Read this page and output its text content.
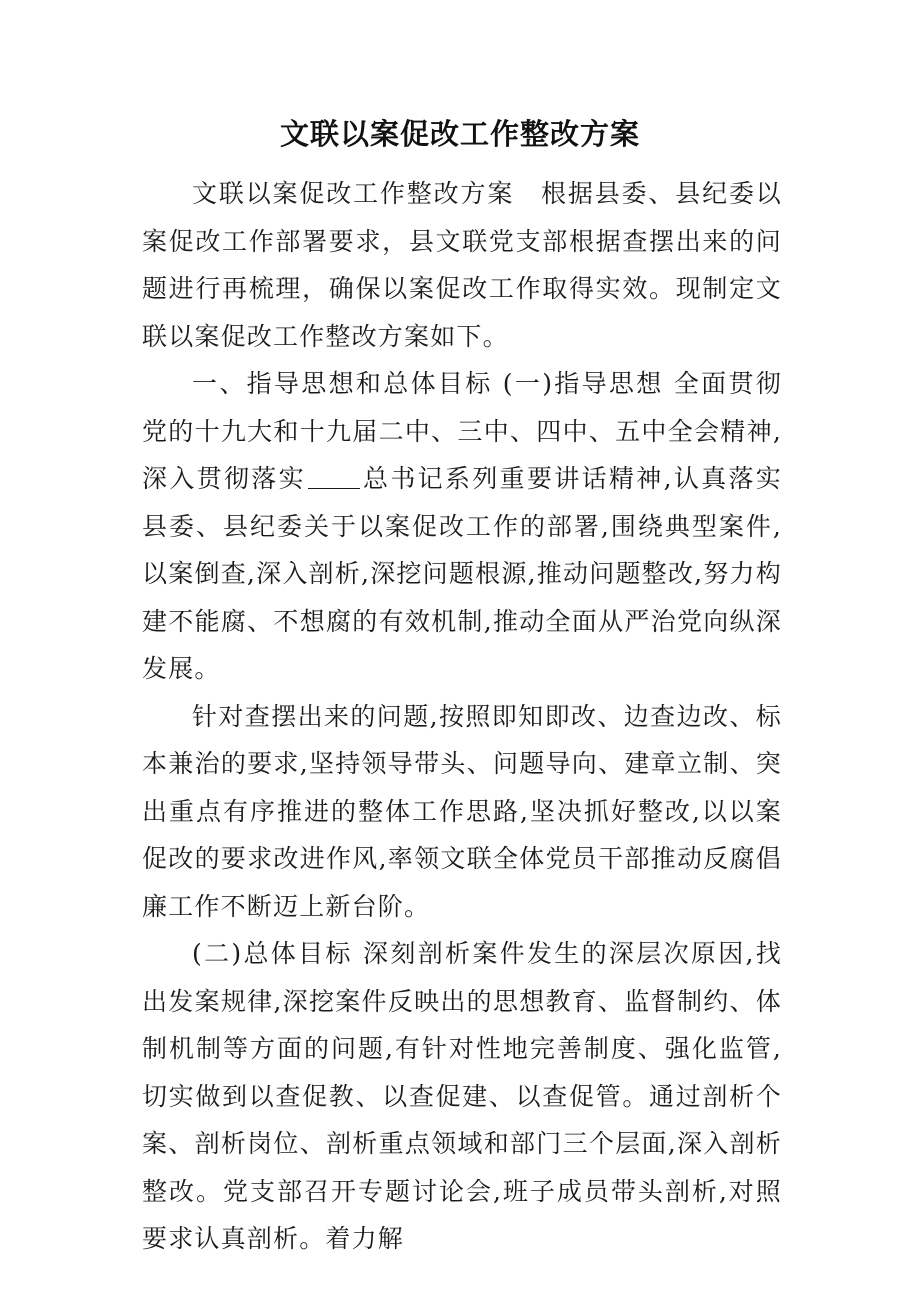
文联以案促改工作整改方案

文联以案促改工作整改方案　根据县委、县纪委以案促改工作部署要求，县文联党支部根据查摆出来的问题进行再梳理，确保以案促改工作取得实效。现制定文联以案促改工作整改方案如下。

一、指导思想和总体目标 (一)指导思想 全面贯彻党的十九大和十九届二中、三中、四中、五中全会精神,深入贯彻落实 总书记系列重要讲话精神,认真落实县委、县纪委关于以案促改工作的部署,围绕典型案件,以案倒查,深入剖析,深挖问题根源,推动问题整改,努力构建不能腐、不想腐的有效机制,推动全面从严治党向纵深发展。

针对查摆出来的问题,按照即知即改、边查边改、标本兼治的要求,坚持领导带头、问题导向、建章立制、突出重点有序推进的整体工作思路,坚决抓好整改,以以案促改的要求改进作风,率领文联全体党员干部推动反腐倡廉工作不断迈上新台阶。

(二)总体目标 深刻剖析案件发生的深层次原因,找出发案规律,深挖案件反映出的思想教育、监督制约、体制机制等方面的问题,有针对性地完善制度、强化监管,切实做到以查促教、以查促建、以查促管。通过剖析个案、剖析岗位、剖析重点领域和部门三个层面,深入剖析整改。党支部召开专题讨论会,班子成员带头剖析,对照要求认真剖析。着力解
